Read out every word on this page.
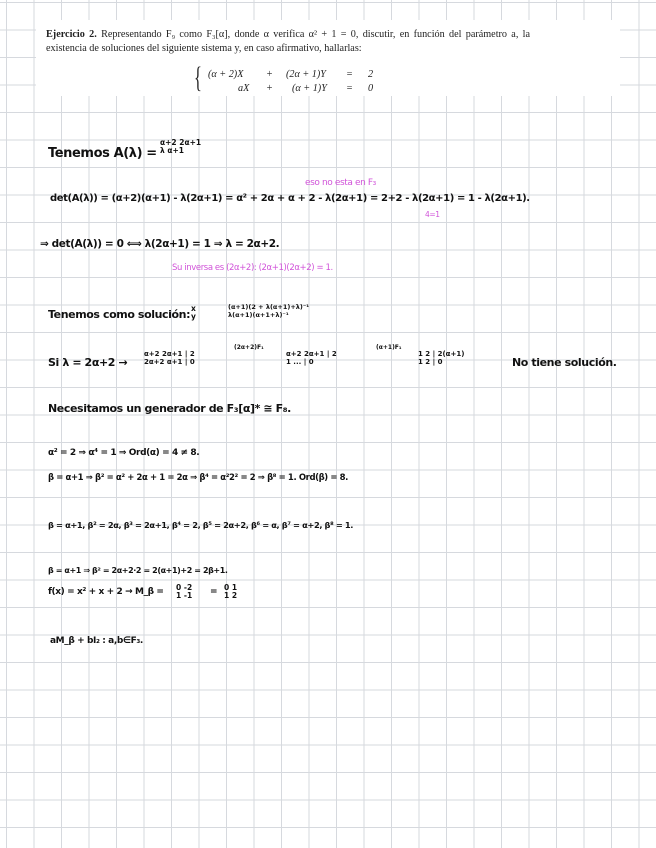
Ejercicio 2. Representando F₉ como F₃[α], donde α verifica α² + 1 = 0, discutir, en función del parámetro a, la existencia de soluciones del siguiente sistema y, en caso afirmativo, hallarlas:
{ (α + 2)X + (2α + 1)Y = 2
aX + (α + 1)Y = 0
Tenemos A(λ) =
α+2 2α+1
λ α+1
eso no esta en F₃
det(A(λ)) = (α+2)(α+1) - λ(2α+1) = α² + 2α + α + 2 - λ(2α+1) = 2+2 - λ(2α+1) = 1 - λ(2α+1).
4=1
⇒ det(A(λ)) = 0 ⟺ λ(2α+1) = 1 ⇒ λ = 2α+2.
Su inversa es (2α+2): (2α+1)(2α+2) = 1.
Tenemos como solución: x
y
(α+1)(2 + λ(α+1)+λ)⁻¹
λ(α+1)(α+1+λ)⁻¹
Si λ = 2α+2 →
α+2 2α+1 | 2
2α+2 α+1 | 0
(2α+2)F₁
α+2 2α+1 | 2
1 ... | 0
(α+1)F₁
1 2 | 2(α+1)
1 2 | 0	No tiene solución.
Necesitamos un generador de F₃[α]* ≅ F₈.
α² = 2 ⇒ α⁴ = 1 ⇒ Ord(α) = 4 ≠ 8.
β = α+1 ⇒ β² = α² + 2α + 1 = 2α ⇒ β⁴ = α²2² = 2 ⇒ β⁸ = 1. Ord(β) = 8.
β = α+1, β² = 2α, β³ = 2α+1, β⁴ = 2, β⁵ = 2α+2, β⁶ = α, β⁷ = α+2, β⁸ = 1.
β = α+1 ⇒ β² = 2α+2·2 = 2(α+1)+2 = 2β+1.
f(x) = x² + x + 2 → M_β = 0 -2
1 -1 = 0 1
1 2
aM_β + bI₂ : a,b∈F₃.
